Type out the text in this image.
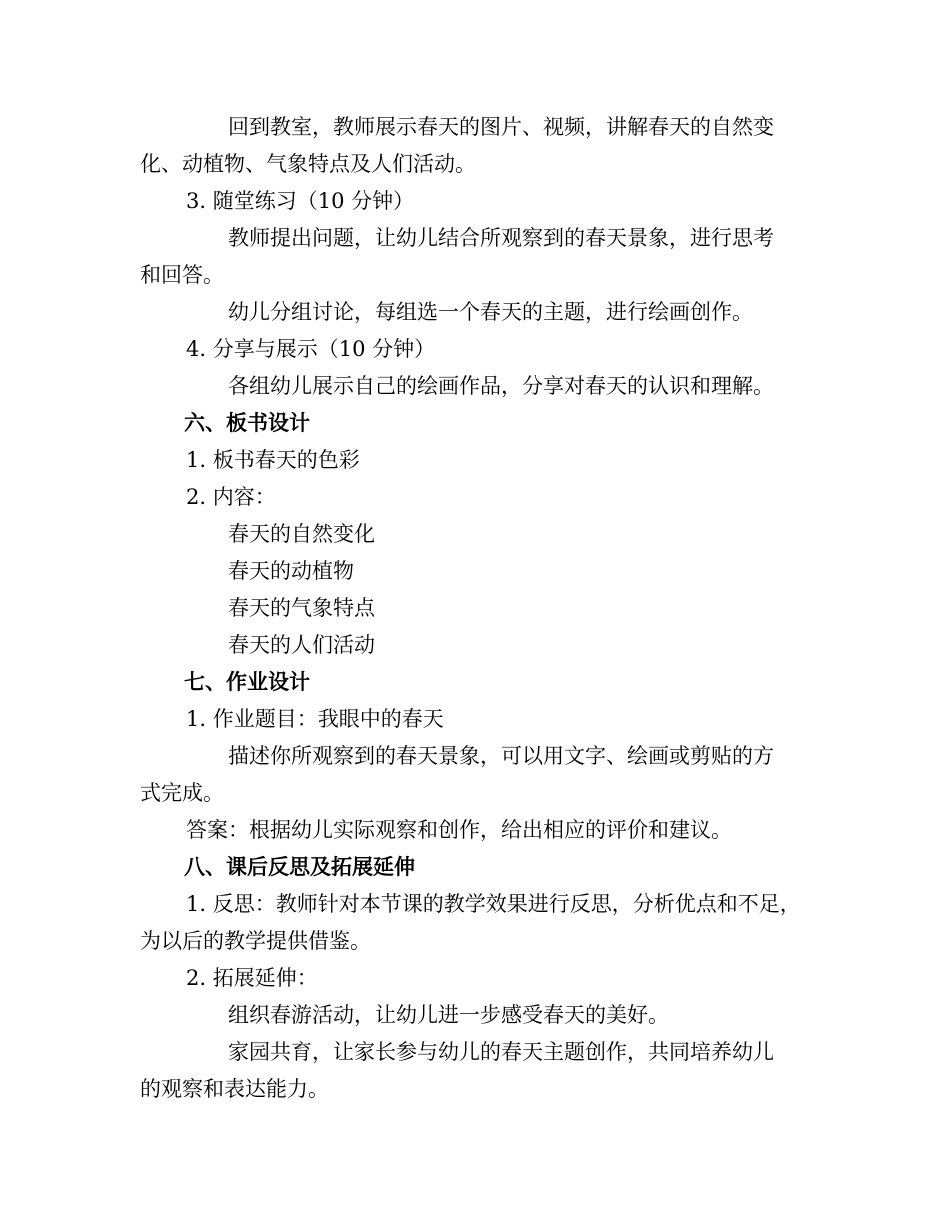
回到教室，教师展示春天的图片、视频，讲解春天的自然变
化、动植物、气象特点及人们活动。
3. 随堂练习（10 分钟）
教师提出问题，让幼儿结合所观察到的春天景象，进行思考
和回答。
幼儿分组讨论，每组选一个春天的主题，进行绘画创作。
4. 分享与展示（10 分钟）
各组幼儿展示自己的绘画作品，分享对春天的认识和理解。
六、板书设计
1. 板书春天的色彩
2. 内容：
春天的自然变化
春天的动植物
春天的气象特点
春天的人们活动
七、作业设计
1. 作业题目：我眼中的春天
描述你所观察到的春天景象，可以用文字、绘画或剪贴的方
式完成。
答案：根据幼儿实际观察和创作，给出相应的评价和建议。
八、课后反思及拓展延伸
1. 反思：教师针对本节课的教学效果进行反思，分析优点和不足，
为以后的教学提供借鉴。
2. 拓展延伸：
组织春游活动，让幼儿进一步感受春天的美好。
家园共育，让家长参与幼儿的春天主题创作，共同培养幼儿
的观察和表达能力。
